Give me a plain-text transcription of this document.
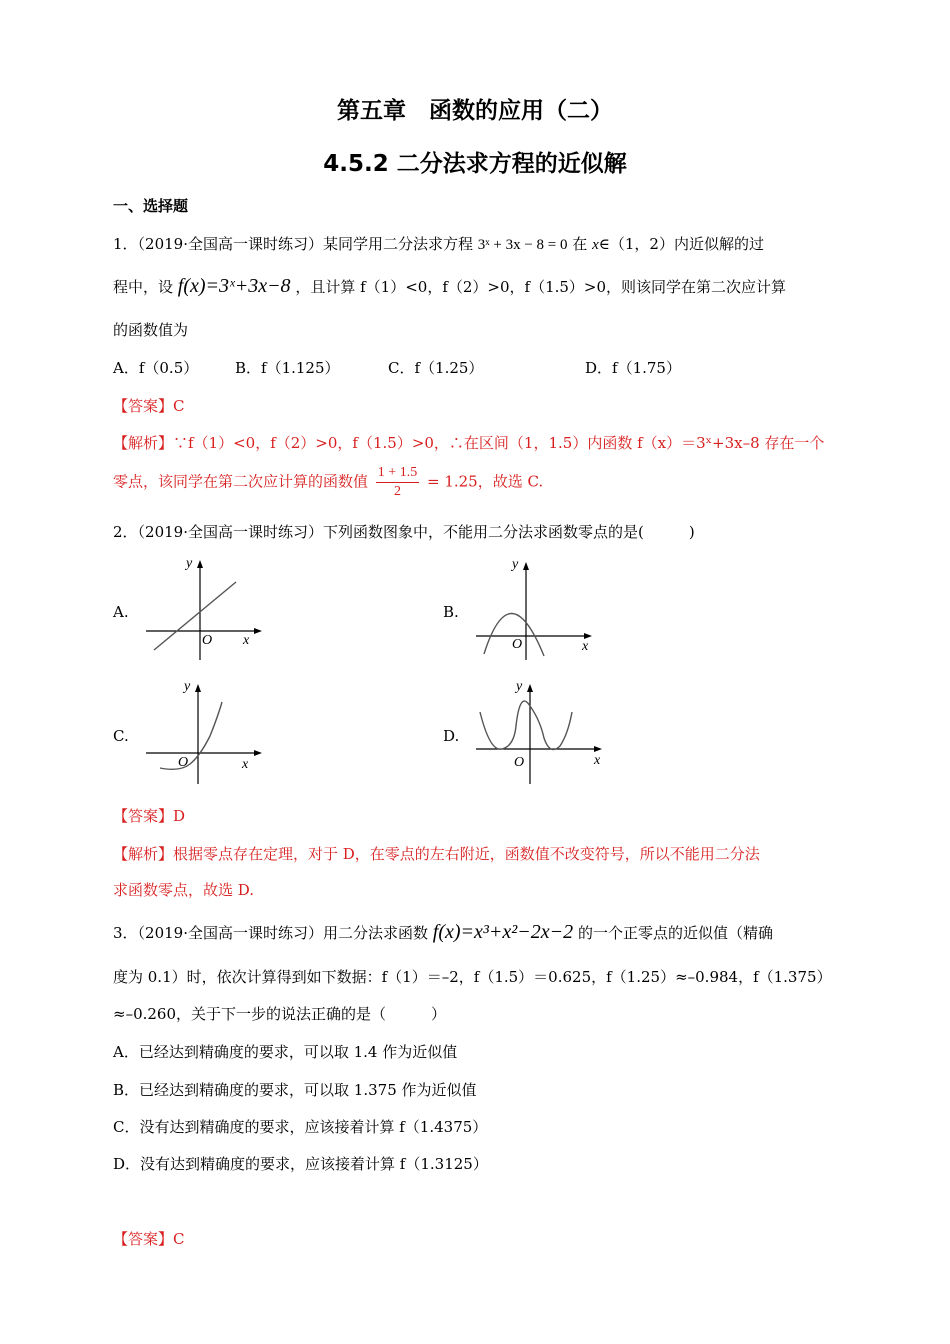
第五章　函数的应用（二）
4.5.2 二分法求方程的近似解
一、选择题
1．（2019·全国高一课时练习）某同学用二分法求方程 3ˣ + 3x − 8 = 0 在 x∈（1，2）内近似解的过
程中，设 f(x)=3ˣ+3x−8 ，且计算 f（1）<0，f（2）>0，f（1.5）>0，则该同学在第二次应计算
的函数值为
A．f（0.5） B．f（1.125）	C．f（1.25）	D．f（1.75）
【答案】C
【解析】∵f（1）<0，f（2）>0，f（1.5）>0，∴在区间（1，1.5）内函数 f（x）＝3ˣ+3x–8 存在一个
零点，该同学在第二次应计算的函数值 $\frac{1 + 1.5}{2} = 1.25$，故选 C.
2．（2019·全国高一课时练习）下列函数图象中，不能用二分法求函数零点的是(　　　)
A.	B.
C.	D.
y
x
O
y
x
O
y
x
O
y
x
O
【答案】D
【解析】根据零点存在定理，对于 D，在零点的左右附近，函数值不改变符号，所以不能用二分法
求函数零点，故选 D.
3．（2019·全国高一课时练习）用二分法求函数 f(x)=x³+x²−2x−2 的一个正零点的近似值（精确
度为 0.1）时，依次计算得到如下数据：f（1）＝–2，f（1.5）＝0.625，f（1.25）≈–0.984，f（1.375）
≈–0.260，关于下一步的说法正确的是（　　　）
A．已经达到精确度的要求，可以取 1.4 作为近似值
B．已经达到精确度的要求，可以取 1.375 作为近似值
C．没有达到精确度的要求，应该接着计算 f（1.4375）
D．没有达到精确度的要求，应该接着计算 f（1.3125）
【答案】C
